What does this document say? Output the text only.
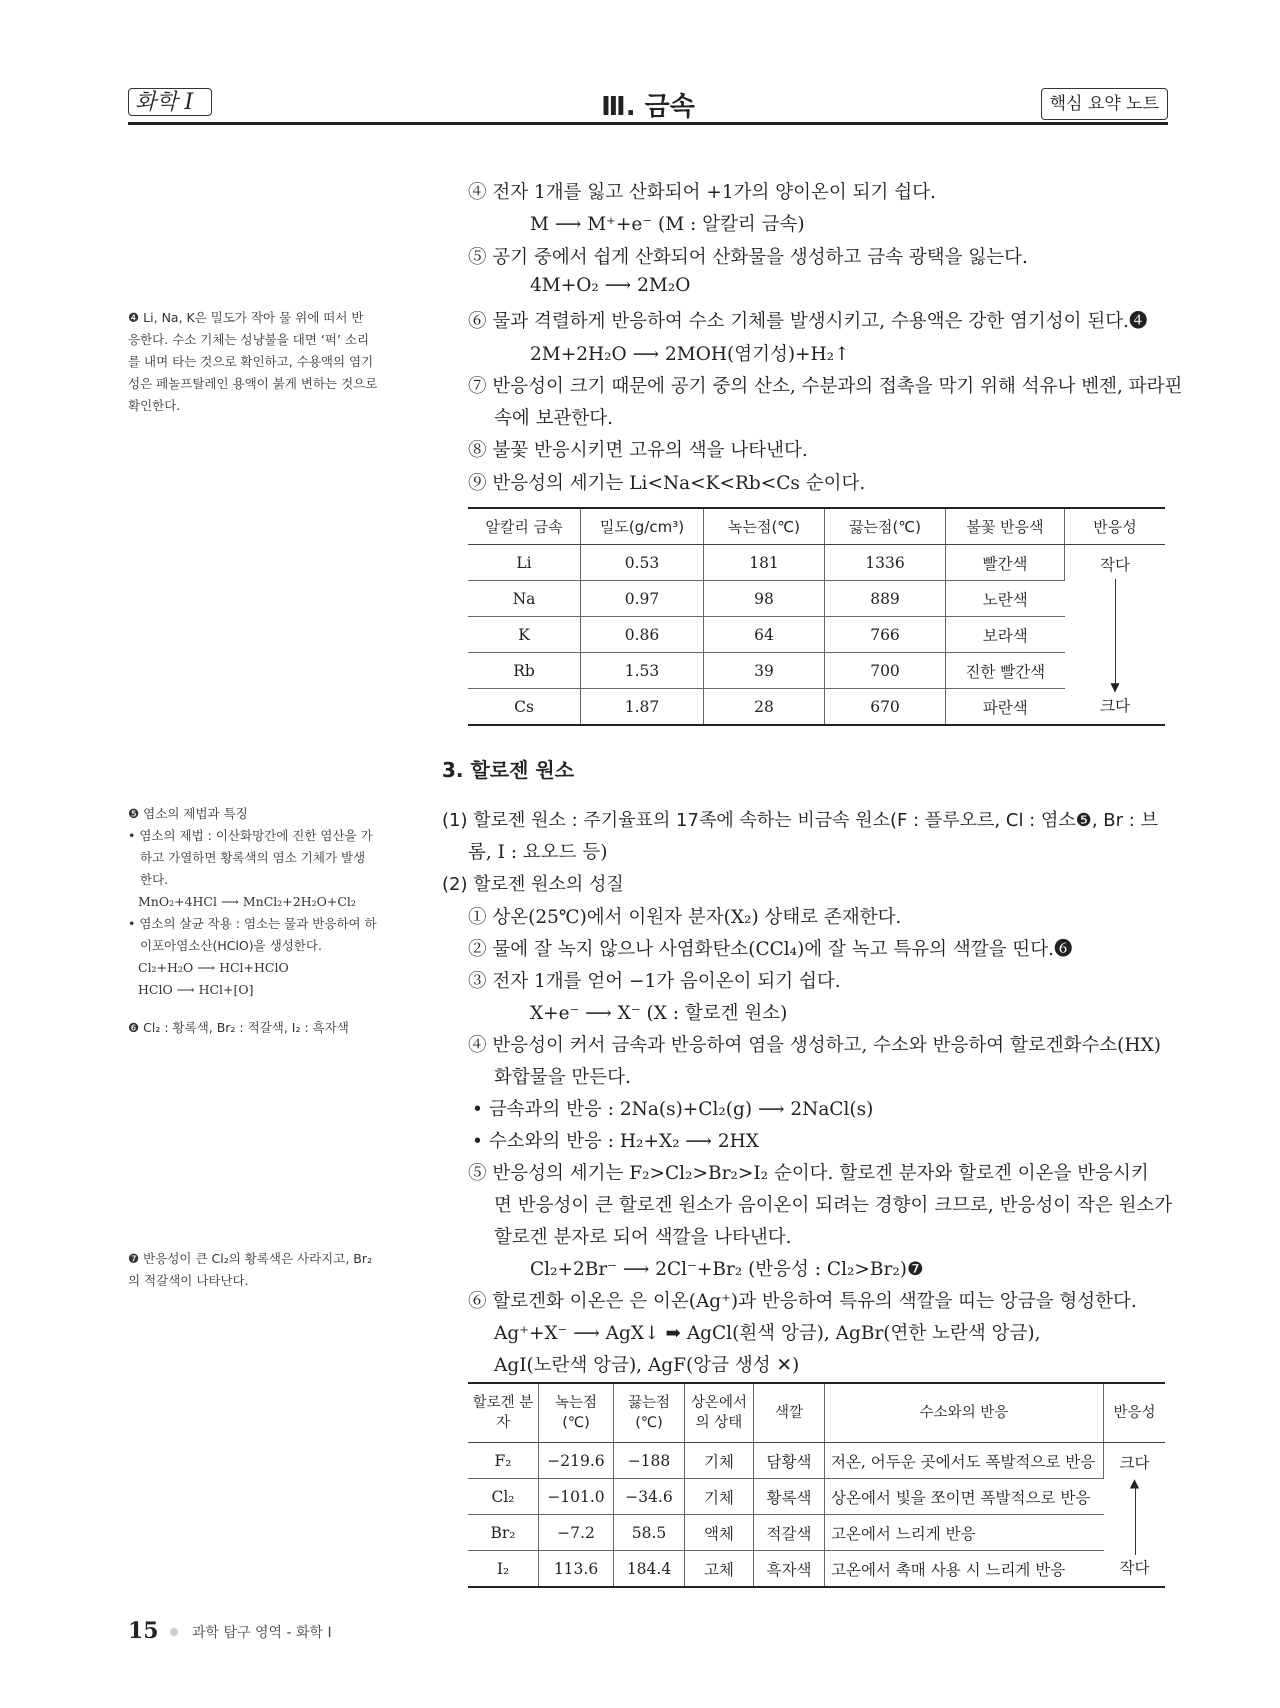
화학 I	Ⅲ. 금속	핵심 요약 노트
❹ Li, Na, K은 밀도가 작아 물 위에 떠서 반
응한다. 수소 기체는 성냥불을 대면 ‘퍽’ 소리
를 내며 타는 것으로 확인하고, 수용액의 염기
성은 페놀프탈레인 용액이 붉게 변하는 것으로
확인한다.
❺ 염소의 제법과 특징
• 염소의 제법 : 이산화망간에 진한 염산을 가
하고 가열하면 황록색의 염소 기체가 발생
한다.
MnO₂+4HCl ⟶ MnCl₂+2H₂O+Cl₂
• 염소의 살균 작용 : 염소는 물과 반응하여 하
이포아염소산(HClO)을 생성한다.
Cl₂+H₂O ⟶ HCl+HClO
HClO ⟶ HCl+[O]
❻ Cl₂ : 황록색, Br₂ : 적갈색, I₂ : 흑자색
❼ 반응성이 큰 Cl₂의 황록색은 사라지고, Br₂
의 적갈색이 나타난다.
④ 전자 1개를 잃고 산화되어 +1가의 양이온이 되기 쉽다.
M ⟶ M⁺+e⁻ (M : 알칼리 금속)
⑤ 공기 중에서 쉽게 산화되어 산화물을 생성하고 금속 광택을 잃는다.
4M+O₂ ⟶ 2M₂O
⑥ 물과 격렬하게 반응하여 수소 기체를 발생시키고, 수용액은 강한 염기성이 된다.❹
2M+2H₂O ⟶ 2MOH(염기성)+H₂↑
⑦ 반응성이 크기 때문에 공기 중의 산소, 수분과의 접촉을 막기 위해 석유나 벤젠, 파라핀
속에 보관한다.
⑧ 불꽃 반응시키면 고유의 색을 나타낸다.
⑨ 반응성의 세기는 Li<Na<K<Rb<Cs 순이다.
알칼리 금속	밀도(g/cm³)	녹는점(℃)	끓는점(℃)	불꽃 반응색	반응성
Li	0.53	181	1336	빨간색	작다
▼
크다

Na	0.97	98	889	노란색	
K	0.86	64	766	보라색	
Rb	1.53	39	700	진한 빨간색	
Cs	1.87	28	670	파란색	
3. 할로젠 원소
(1) 할로젠 원소 : 주기율표의 17족에 속하는 비금속 원소(F : 플루오르, Cl : 염소❺, Br : 브
롬, I : 요오드 등)
(2) 할로젠 원소의 성질
① 상온(25℃)에서 이원자 분자(X₂) 상태로 존재한다.
② 물에 잘 녹지 않으나 사염화탄소(CCl₄)에 잘 녹고 특유의 색깔을 띤다.❻
③ 전자 1개를 얻어 −1가 음이온이 되기 쉽다.
X+e⁻ ⟶ X⁻ (X : 할로겐 원소)
④ 반응성이 커서 금속과 반응하여 염을 생성하고, 수소와 반응하여 할로겐화수소(HX)
화합물을 만든다.
• 금속과의 반응 : 2Na(s)+Cl₂(g) ⟶ 2NaCl(s)
• 수소와의 반응 : H₂+X₂ ⟶ 2HX
⑤ 반응성의 세기는 F₂>Cl₂>Br₂>I₂ 순이다. 할로겐 분자와 할로겐 이온을 반응시키
면 반응성이 큰 할로겐 원소가 음이온이 되려는 경향이 크므로, 반응성이 작은 원소가
할로겐 분자로 되어 색깔을 나타낸다.
Cl₂+2Br⁻ ⟶ 2Cl⁻+Br₂ (반응성 : Cl₂>Br₂)❼
⑥ 할로겐화 이온은 은 이온(Ag⁺)과 반응하여 특유의 색깔을 띠는 앙금을 형성한다.
Ag⁺+X⁻ ⟶ AgX↓ ➡ AgCl(흰색 앙금), AgBr(연한 노란색 앙금),
AgI(노란색 앙금), AgF(앙금 생성 ✕)
할로겐 분자	녹는점 (℃)	끓는점 (℃)	상온에서 의 상태	색깔	수소와의 반응	반응성
F₂	−219.6	−188	기체	담황색	저온, 어두운 곳에서도 폭발적으로 반응	크다
▲
작다

Cl₂	−101.0	−34.6	기체	황록색	상온에서 빛을 쪼이면 폭발적으로 반응	
Br₂	−7.2	58.5	액체	적갈색	고온에서 느리게 반응	
I₂	113.6	184.4	고체	흑자색	고온에서 촉매 사용 시 느리게 반응	
15 과학 탐구 영역 - 화학 Ⅰ
